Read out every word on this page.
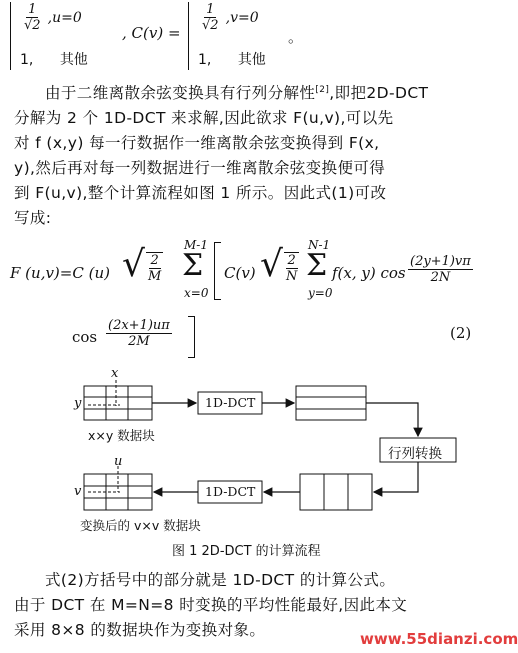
$\frac{1}{√2} ,u=0$
1, 其他
, $C(v) = \frac{1}{√2} ,v=0$
1, 其他
。
由于二维离散余弦变换具有行列分解性[2],即把2D-DCT
分解为 2 个 1D-DCT 来求解,因此欲求 F(u,v),可以先
对 f (x,y) 每一行数据作一维离散余弦变换得到 F(x,
y),然后再对每一列数据进行一维离散余弦变换便可得
到 F(u,v),整个计算流程如图 1 所示。因此式(1)可改
写成:
F (u,v)=C (u) √ $\frac{2}{M}$
M-1
Σ
x=0
C(v) √ $\frac{2}{N}$
N-1
Σ
y=0
f(x, y) $\cos \frac{(2y+1)v\pi}{2N}$
$\cos \frac{(2x+1)u\pi}{2M}$	(2)
x
y
u
v
1D-DCT
1D-DCT
行列转换
x×y 数据块
变换后的 v×v 数据块
图 1 2D-DCT 的计算流程
式(2)方括号中的部分就是 1D-DCT 的计算公式。
由于 DCT 在 M=N=8 时变换的平均性能最好,因此本文
采用 8×8 的数据块作为变换对象。	www.55dianzi.com
